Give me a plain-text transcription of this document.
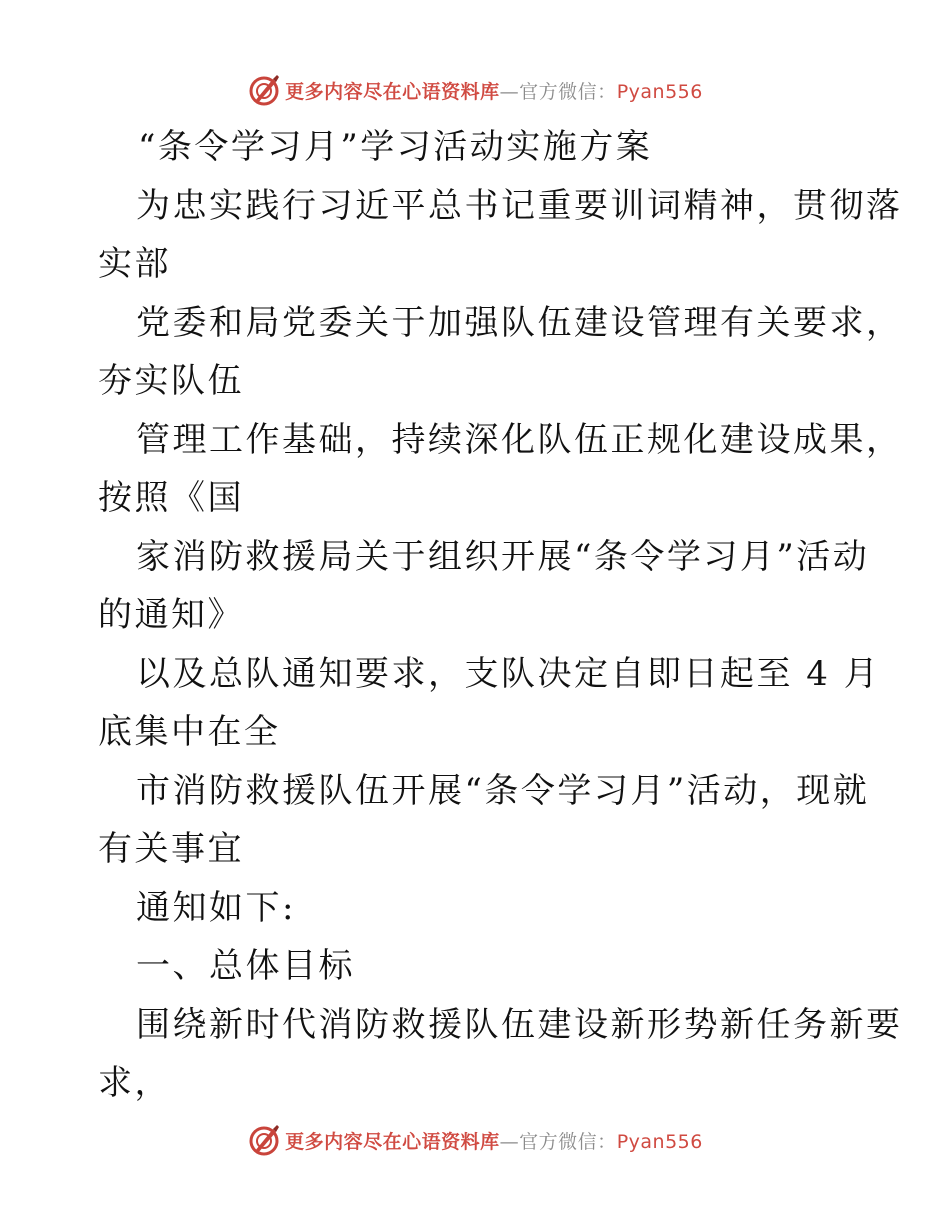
更多内容尽在心语资料库—官方微信：Pyan556
“条令学习月”学习活动实施方案
为忠实践行习近平总书记重要训词精神，贯彻落
实部
党委和局党委关于加强队伍建设管理有关要求，
夯实队伍
管理工作基础，持续深化队伍正规化建设成果，
按照《国
家消防救援局关于组织开展“条令学习月”活动
的通知》
以及总队通知要求，支队决定自即日起至 4 月
底集中在全
市消防救援队伍开展“条令学习月”活动，现就
有关事宜
通知如下:
一、总体目标
围绕新时代消防救援队伍建设新形势新任务新要
求，
更多内容尽在心语资料库—官方微信：Pyan556
